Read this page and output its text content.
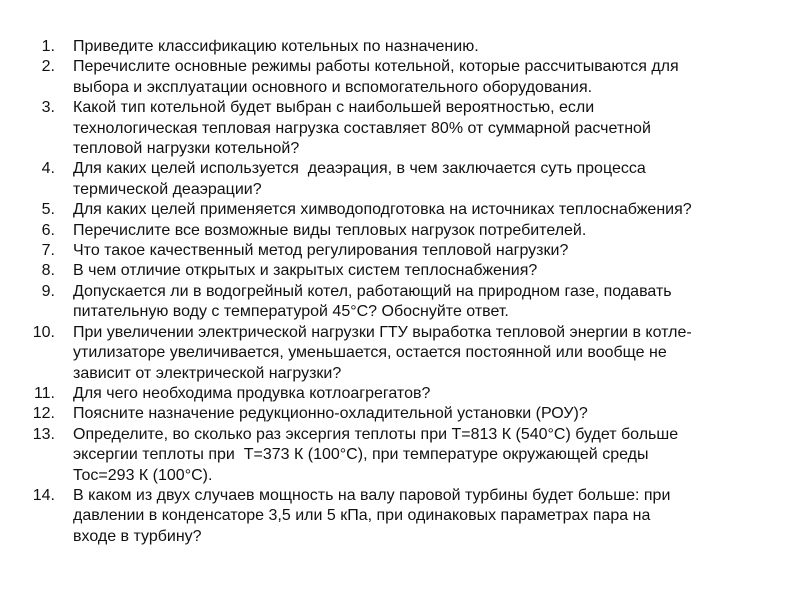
1.	Приведите классификацию котельных по назначению.
2.	Перечислите основные режимы работы котельной, которые рассчитываются для
выбора и эксплуатации основного и вспомогательного оборудования.
3.	Какой тип котельной будет выбран с наибольшей вероятностью, если
технологическая тепловая нагрузка составляет 80% от суммарной расчетной
тепловой нагрузки котельной?
4.	Для каких целей используется  деаэрация, в чем заключается суть процесса
термической деаэрации?
5.	Для каких целей применяется химводоподготовка на источниках теплоснабжения?
6.	Перечислите все возможные виды тепловых нагрузок потребителей.
7.	Что такое качественный метод регулирования тепловой нагрузки?
8.	В чем отличие открытых и закрытых систем теплоснабжения?
9.	Допускается ли в водогрейный котел, работающий на природном газе, подавать
питательную воду с температурой 45°С? Обоснуйте ответ.
10.	При увеличении электрической нагрузки ГТУ выработка тепловой энергии в котле-
утилизаторе увеличивается, уменьшается, остается постоянной или вообще не
зависит от электрической нагрузки?
11.	Для чего необходима продувка котлоагрегатов?
12.	Поясните назначение редукционно-охладительной установки (РОУ)?
13.	Определите, во сколько раз эксергия теплоты при Т=813 К (540°С) будет больше
эксергии теплоты при  Т=373 К (100°С), при температуре окружающей среды
Тос=293 К (100°С).
14.	В каком из двух случаев мощность на валу паровой турбины будет больше: при
давлении в конденсаторе 3,5 или 5 кПа, при одинаковых параметрах пара на
входе в турбину?
